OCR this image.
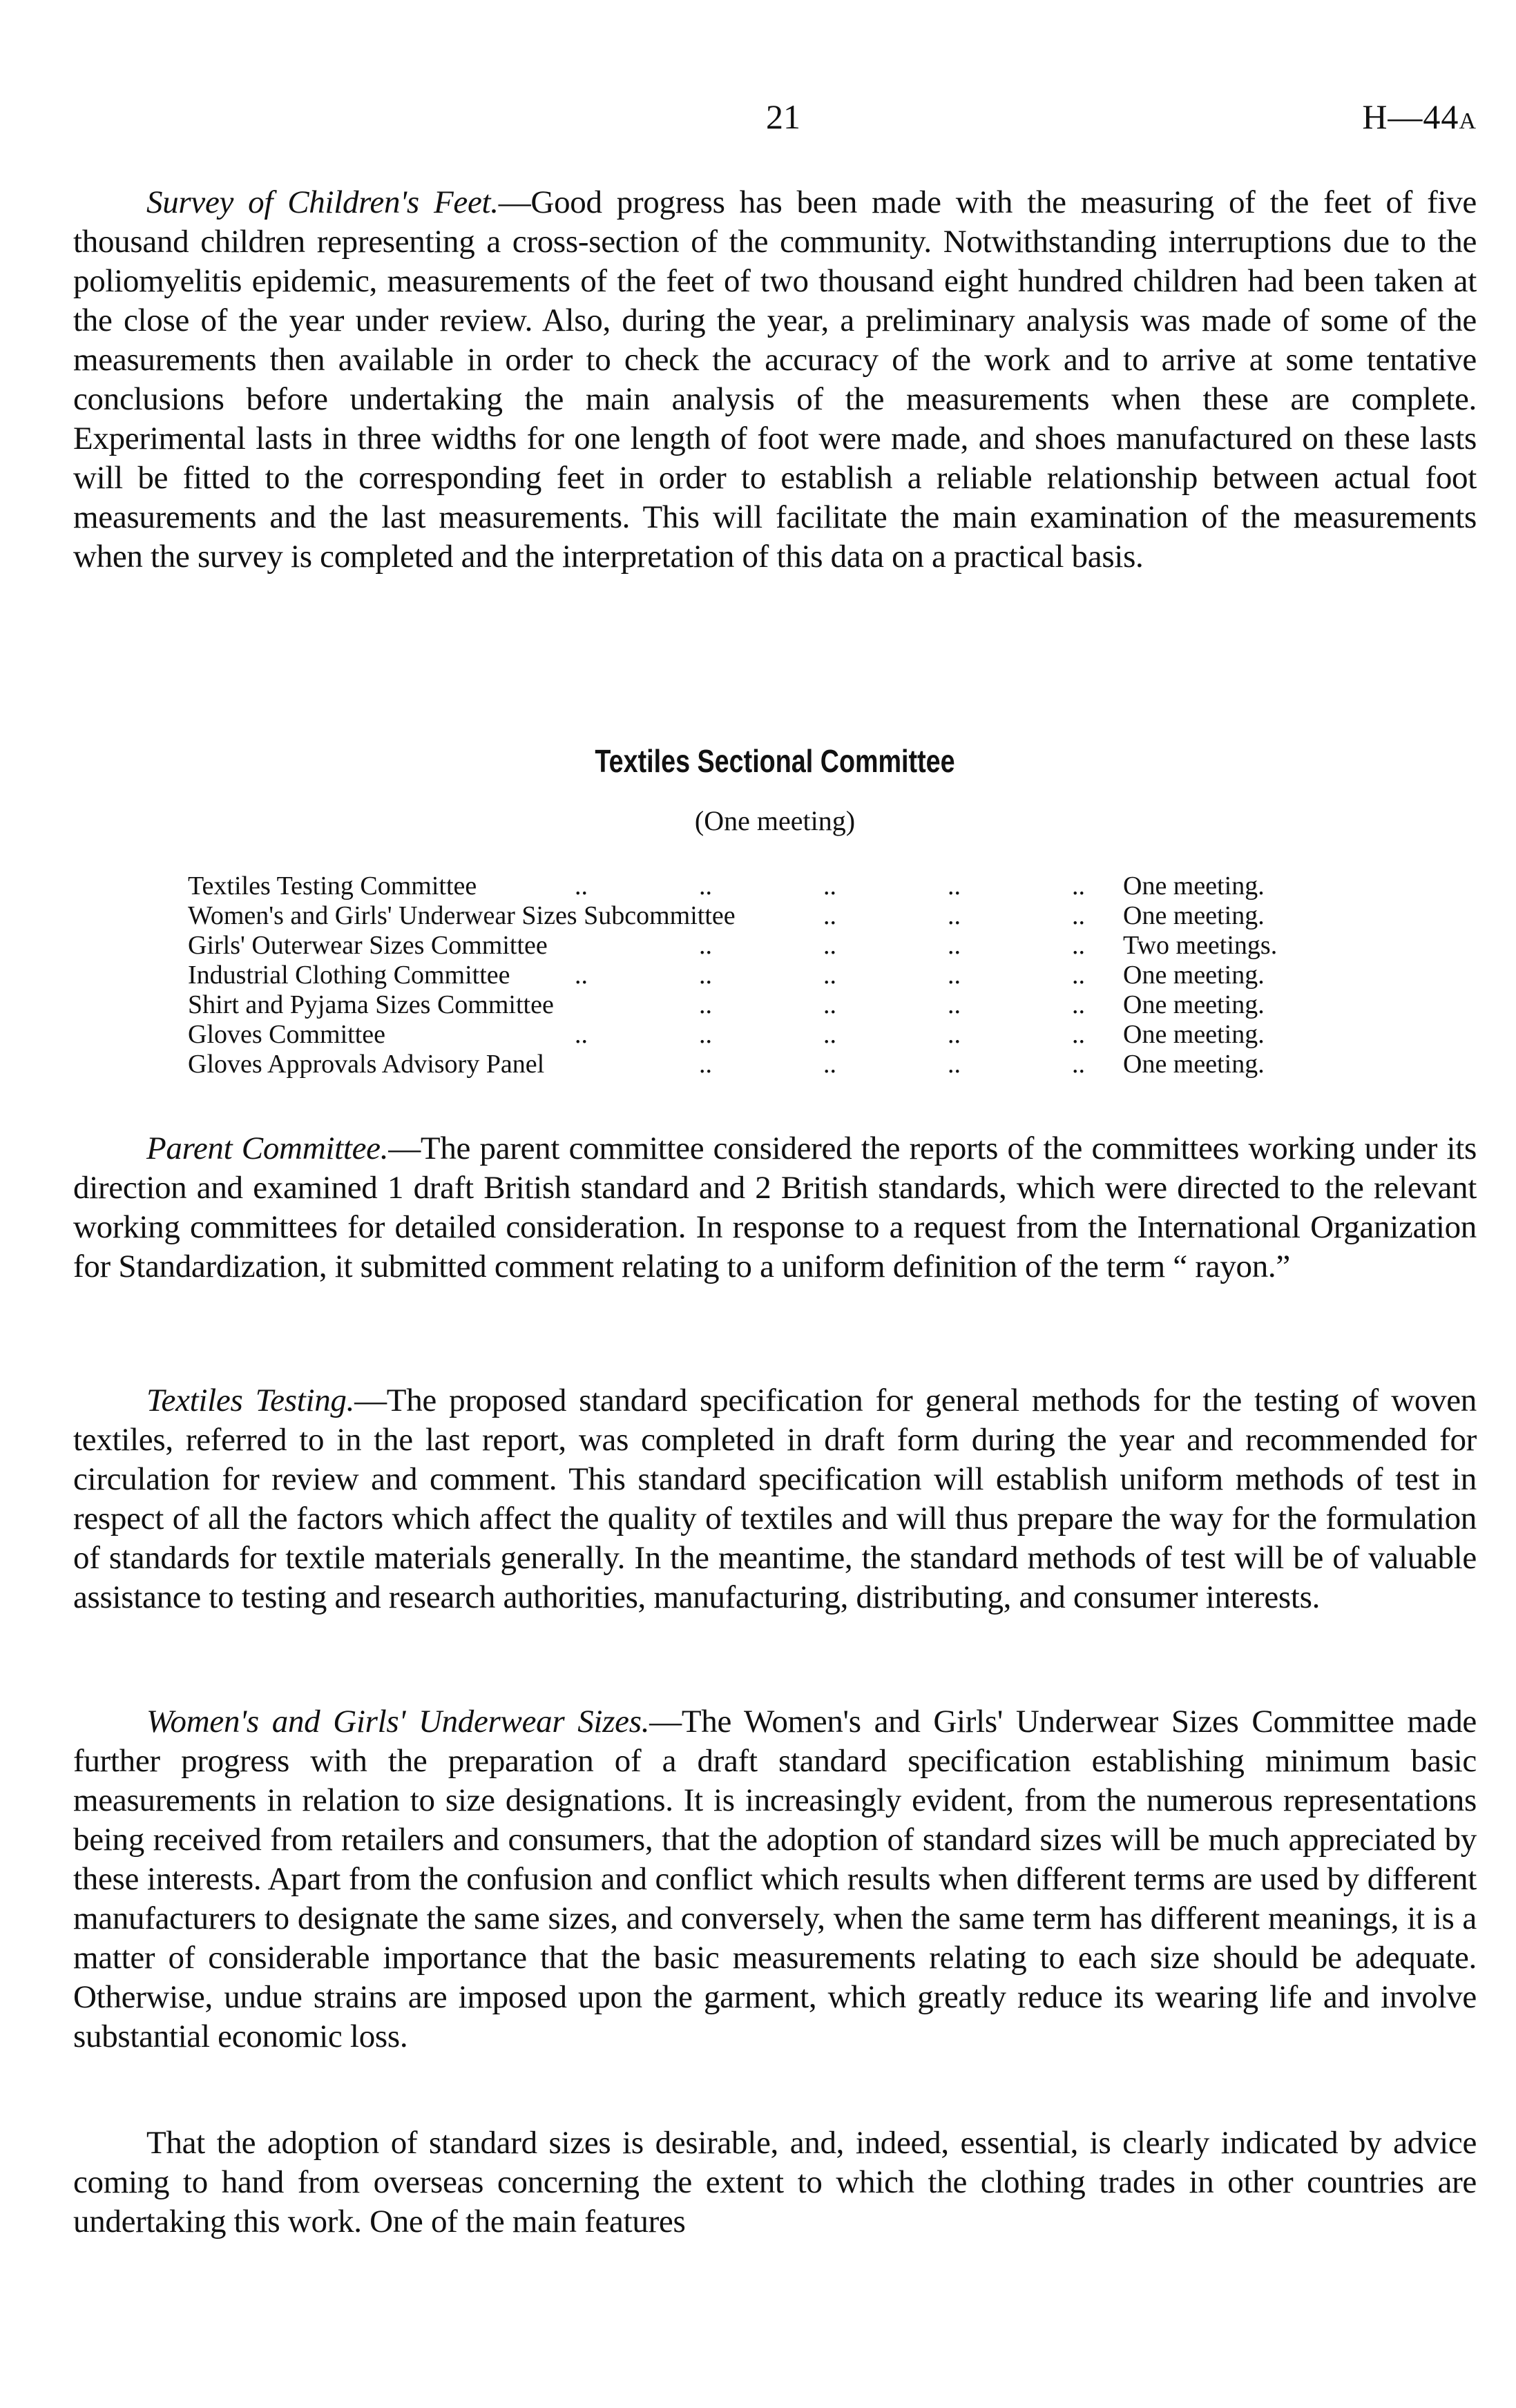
21	H—44A

Survey of Children's Feet.—Good progress has been made with the measuring of the feet of five thousand children representing a cross-section of the community. Notwithstanding interruptions due to the poliomyelitis epidemic, measurements of the feet of two thousand eight hundred children had been taken at the close of the year under review. Also, during the year, a preliminary analysis was made of some of the measurements then available in order to check the accuracy of the work and to arrive at some tentative conclusions before undertaking the main analysis of the measurements when these are complete. Experimental lasts in three widths for one length of foot were made, and shoes manufactured on these lasts will be fitted to the corresponding feet in order to establish a reliable relationship between actual foot measurements and the last measurements. This will facilitate the main examination of the measurements when the survey is completed and the interpretation of this data on a practical basis.

Textiles Sectional Committee
(One meeting)
Textiles Testing Committee	..	..	..	..	.. One meeting.
Women's and Girls' Underwear Sizes Subcommittee	..	..	.. One meeting.
Girls' Outerwear Sizes Committee	..	..	..	.. Two meetings.
Industrial Clothing Committee ..	..	..	..	.. One meeting.
Shirt and Pyjama Sizes Committee	..	..	..	.. One meeting.
Gloves Committee	..	..	..	..	.. One meeting.
Gloves Approvals Advisory Panel	..	..	..	.. One meeting.

Parent Committee.—The parent committee considered the reports of the committees working under its direction and examined 1 draft British standard and 2 British standards, which were directed to the relevant working committees for detailed consideration. In response to a request from the International Organization for Standardization, it submitted comment relating to a uniform definition of the term “ rayon.”

Textiles Testing.—The proposed standard specification for general methods for the testing of woven textiles, referred to in the last report, was completed in draft form during the year and recommended for circulation for review and comment. This standard specification will establish uniform methods of test in respect of all the factors which affect the quality of textiles and will thus prepare the way for the formulation of standards for textile materials generally. In the meantime, the standard methods of test will be of valuable assistance to testing and research authorities, manufacturing, distributing, and consumer interests.

Women's and Girls' Underwear Sizes.—The Women's and Girls' Underwear Sizes Committee made further progress with the preparation of a draft standard specification establishing minimum basic measurements in relation to size designations. It is increasingly evident, from the numerous representations being received from retailers and consumers, that the adoption of standard sizes will be much appreciated by these interests. Apart from the confusion and conflict which results when different terms are used by different manufacturers to designate the same sizes, and conversely, when the same term has different meanings, it is a matter of considerable importance that the basic measurements relating to each size should be adequate. Otherwise, undue strains are imposed upon the garment, which greatly reduce its wearing life and involve substantial economic loss.

That the adoption of standard sizes is desirable, and, indeed, essential, is clearly indicated by advice coming to hand from overseas concerning the extent to which the clothing trades in other countries are undertaking this work. One of the main features
